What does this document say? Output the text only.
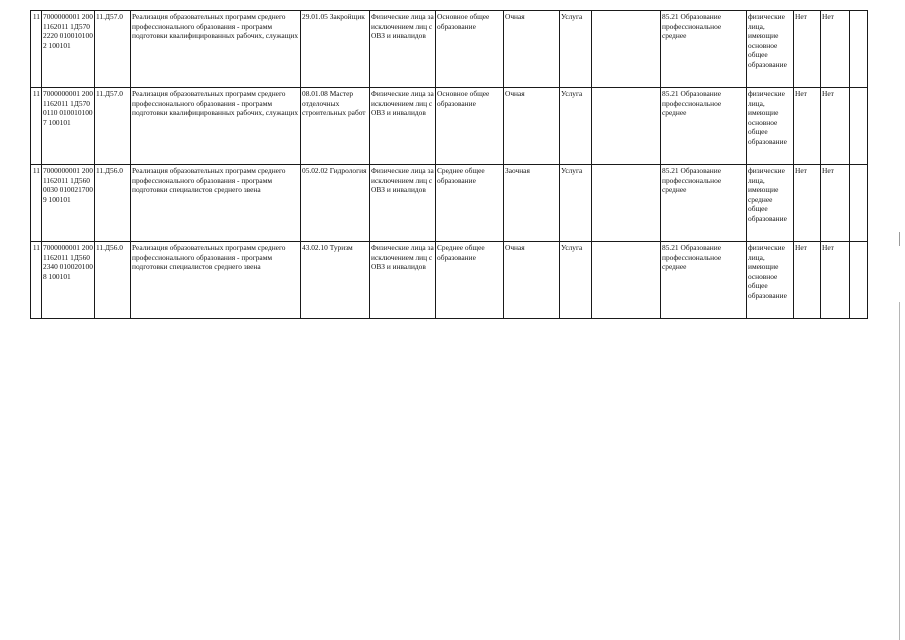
11	7000000001 2001162011 1Д5702220 0100101002 100101	11.Д57.0	Реализация образовательных программ среднего профессионального образования - программ подготовки квалифицированных рабочих, служащих	29.01.05 Закройщик	Физические лица за исключением лиц с ОВЗ и инвалидов	Основное общее образование	Очная	Услуга		85.21 Образование профессиональное среднее	физические лица, имеющие основное общее образование	Нет	Нет	
11	7000000001 2001162011 1Д5700110 0100101007 100101	11.Д57.0	Реализация образовательных программ среднего профессионального образования - программ подготовки квалифицированных рабочих, служащих	08.01.08 Мастер отделочных строительных работ	Физические лица за исключением лиц с ОВЗ и инвалидов	Основное общее образование	Очная	Услуга		85.21 Образование профессиональное среднее	физические лица, имеющие основное общее образование	Нет	Нет	
11	7000000001 2001162011 1Д5600030 0100217009 100101	11.Д56.0	Реализация образовательных программ среднего профессионального образования - программ подготовки специалистов среднего звена	05.02.02 Гидрология	Физические лица за исключением лиц с ОВЗ и инвалидов	Среднее общее образование	Заочная	Услуга		85.21 Образование профессиональное среднее	физические лица, имеющие среднее общее образование	Нет	Нет	
11	7000000001 2001162011 1Д5602340 0100201008 100101	11.Д56.0	Реализация образовательных программ среднего профессионального образования - программ подготовки специалистов среднего звена	43.02.10 Туризм	Физические лица за исключением лиц с ОВЗ и инвалидов	Среднее общее образование	Очная	Услуга		85.21 Образование профессиональное среднее	физические лица, имеющие основное общее образование	Нет	Нет	
